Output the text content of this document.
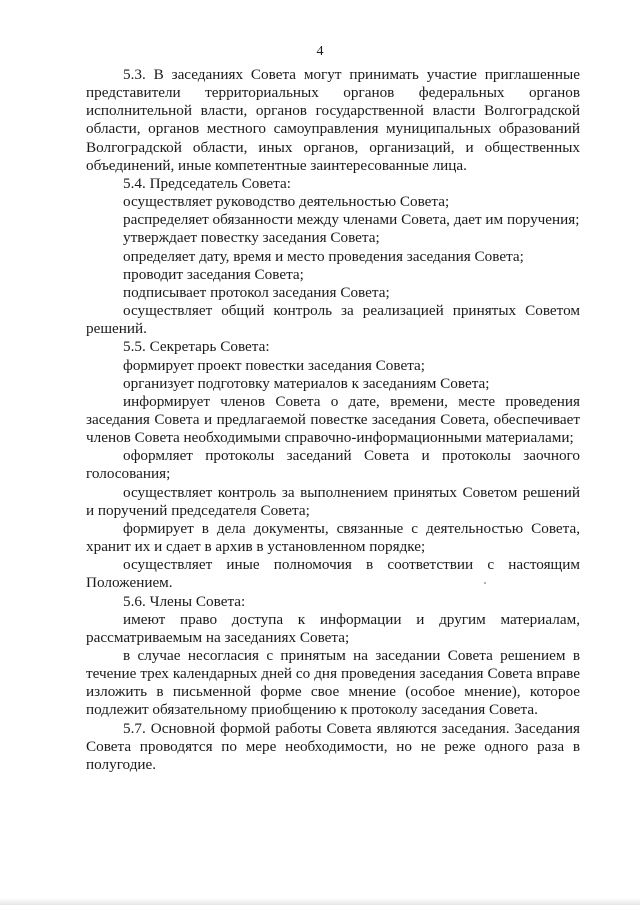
4

5.3. В заседаниях Совета могут принимать участие приглашенные представители территориальных органов федеральных органов исполнительной власти, органов государственной власти Волгоградской области, органов местного самоуправления муниципальных образований Волгоградской области, иных органов, организаций, и общественных объединений, иные компетентные заинтересованные лица.

5.4. Председатель Совета:

осуществляет руководство деятельностью Совета;

распределяет обязанности между членами Совета, дает им поручения;

утверждает повестку заседания Совета;

определяет дату, время и место проведения заседания Совета;

проводит заседания Совета;

подписывает протокол заседания Совета;

осуществляет общий контроль за реализацией принятых Советом решений.

5.5. Секретарь Совета:

формирует проект повестки заседания Совета;

организует подготовку материалов к заседаниям Совета;

информирует членов Совета о дате, времени, месте проведения заседания Совета и предлагаемой повестке заседания Совета, обеспечивает членов Совета необходимыми справочно-информационными материалами;

оформляет протоколы заседаний Совета и протоколы заочного голосования;

осуществляет контроль за выполнением принятых Советом решений и поручений председателя Совета;

формирует в дела документы, связанные с деятельностью Совета, хранит их и сдает в архив в установленном порядке;

осуществляет иные полномочия в соответствии с настоящим Положением.

5.6. Члены Совета:

имеют право доступа к информации и другим материалам, рассматриваемым на заседаниях Совета;

в случае несогласия с принятым на заседании Совета решением в течение трех календарных дней со дня проведения заседания Совета вправе изложить в письменной форме свое мнение (особое мнение), которое подлежит обязательному приобщению к протоколу заседания Совета.

5.7. Основной формой работы Совета являются заседания. Заседания Совета проводятся по мере необходимости, но не реже одного раза в полугодие.
